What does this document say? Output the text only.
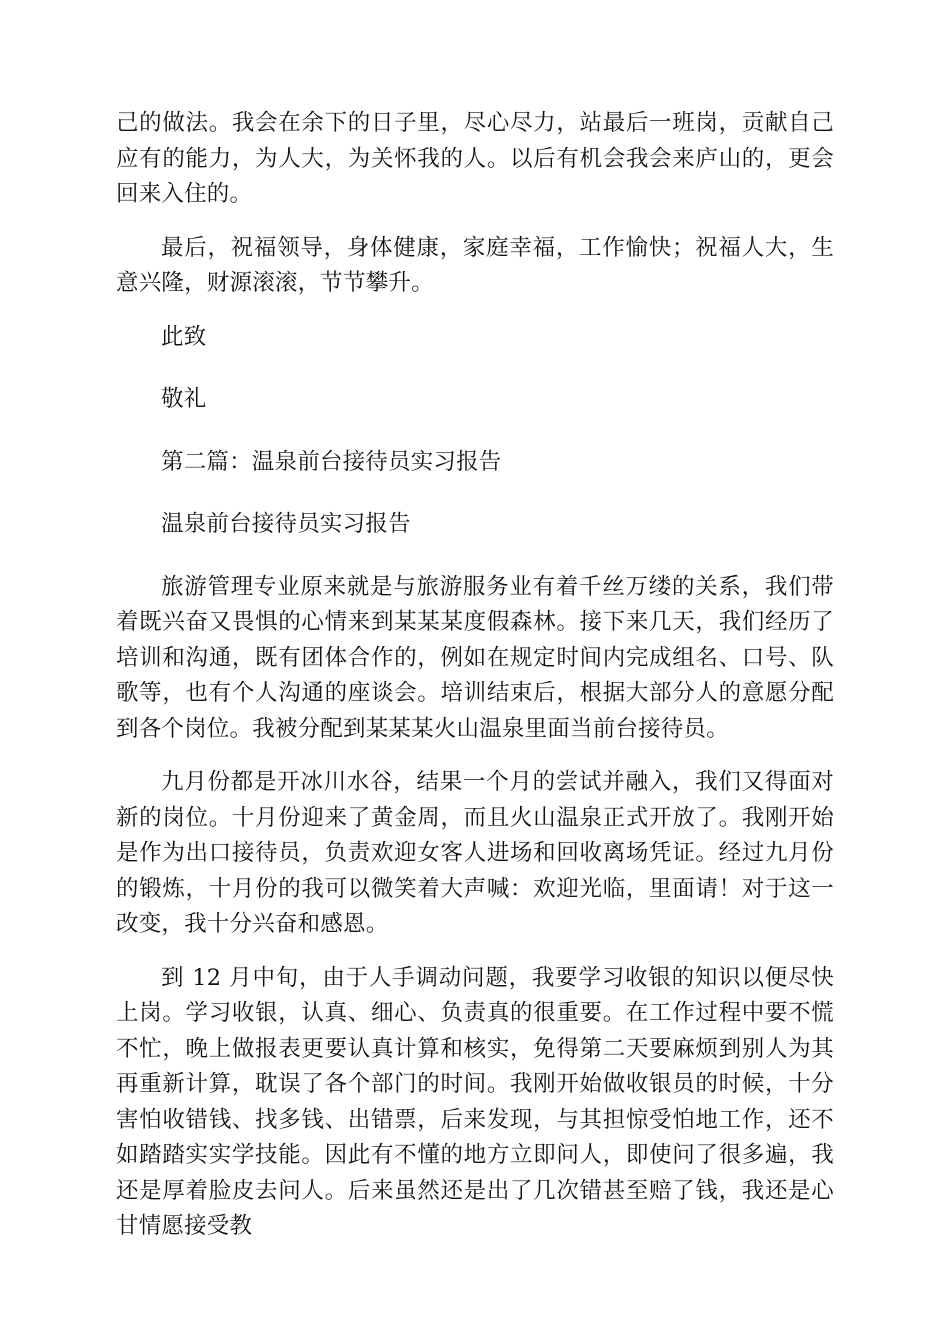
己的做法。我会在余下的日子里，尽心尽力，站最后一班岗，贡献自己应有的能力，为人大，为关怀我的人。以后有机会我会来庐山的，更会回来入住的。

最后，祝福领导，身体健康，家庭幸福，工作愉快；祝福人大，生意兴隆，财源滚滚，节节攀升。

此致

敬礼

第二篇：温泉前台接待员实习报告

温泉前台接待员实习报告

旅游管理专业原来就是与旅游服务业有着千丝万缕的关系，我们带着既兴奋又畏惧的心情来到某某某度假森林。接下来几天，我们经历了培训和沟通，既有团体合作的，例如在规定时间内完成组名、口号、队歌等，也有个人沟通的座谈会。培训结束后，根据大部分人的意愿分配到各个岗位。我被分配到某某某火山温泉里面当前台接待员。

九月份都是开冰川水谷，结果一个月的尝试并融入，我们又得面对新的岗位。十月份迎来了黄金周，而且火山温泉正式开放了。我刚开始是作为出口接待员，负责欢迎女客人进场和回收离场凭证。经过九月份的锻炼，十月份的我可以微笑着大声喊：欢迎光临，里面请！对于这一改变，我十分兴奋和感恩。

到 12 月中旬，由于人手调动问题，我要学习收银的知识以便尽快上岗。学习收银，认真、细心、负责真的很重要。在工作过程中要不慌不忙，晚上做报表更要认真计算和核实，免得第二天要麻烦到别人为其再重新计算，耽误了各个部门的时间。我刚开始做收银员的时候，十分害怕收错钱、找多钱、出错票，后来发现，与其担惊受怕地工作，还不如踏踏实实学技能。因此有不懂的地方立即问人，即使问了很多遍，我还是厚着脸皮去问人。后来虽然还是出了几次错甚至赔了钱，我还是心甘情愿接受教
